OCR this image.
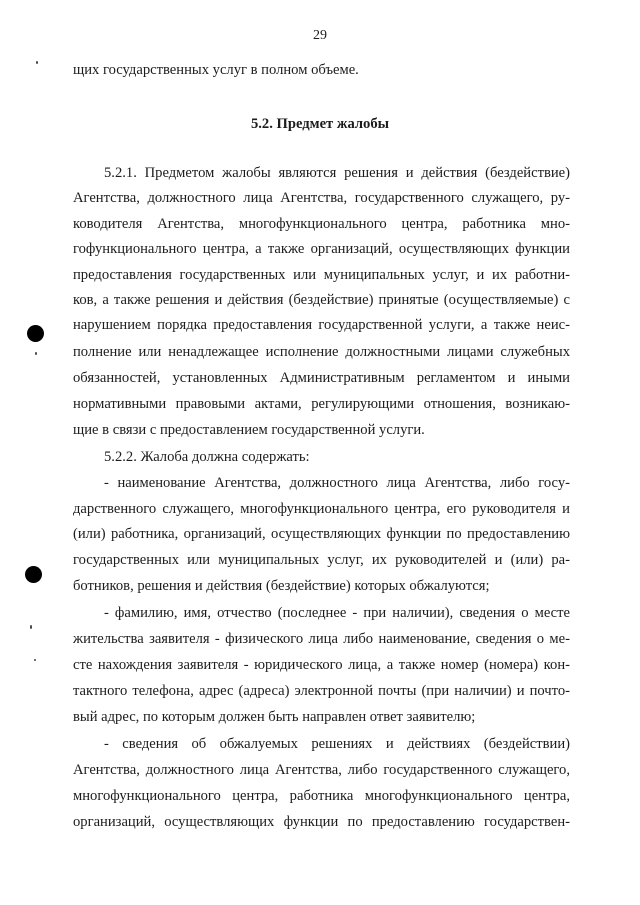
29
щих государственных услуг в полном объеме.
5.2. Предмет жалобы
5.2.1. Предметом жалобы являются решения и действия (бездействие)
Агентства, должностного лица Агентства, государственного служащего, ру-
ководителя Агентства, многофункционального центра, работника мно-
гофункционального центра, а также организаций, осуществляющих функции
предоставления государственных или муниципальных услуг, и их работни-
ков, а также решения и действия (бездействие) принятые (осуществляемые) с
нарушением порядка предоставления государственной услуги, а также неис-
полнение или ненадлежащее исполнение должностными лицами служебных
обязанностей, установленных Административным регламентом и иными
нормативными правовыми актами, регулирующими отношения, возникаю-
щие в связи с предоставлением государственной услуги.
5.2.2. Жалоба должна содержать:
- наименование Агентства, должностного лица Агентства, либо госу-
дарственного служащего, многофункционального центра, его руководителя и
(или) работника, организаций, осуществляющих функции по предоставлению
государственных или муниципальных услуг, их руководителей и (или) ра-
ботников, решения и действия (бездействие) которых обжалуются;
- фамилию, имя, отчество (последнее - при наличии), сведения о месте
жительства заявителя - физического лица либо наименование, сведения о ме-
сте нахождения заявителя - юридического лица, а также номер (номера) кон-
тактного телефона, адрес (адреса) электронной почты (при наличии) и почто-
вый адрес, по которым должен быть направлен ответ заявителю;
- сведения об обжалуемых решениях и действиях (бездействии)
Агентства, должностного лица Агентства, либо государственного служащего,
многофункционального центра, работника многофункционального центра,
организаций, осуществляющих функции по предоставлению государствен-
